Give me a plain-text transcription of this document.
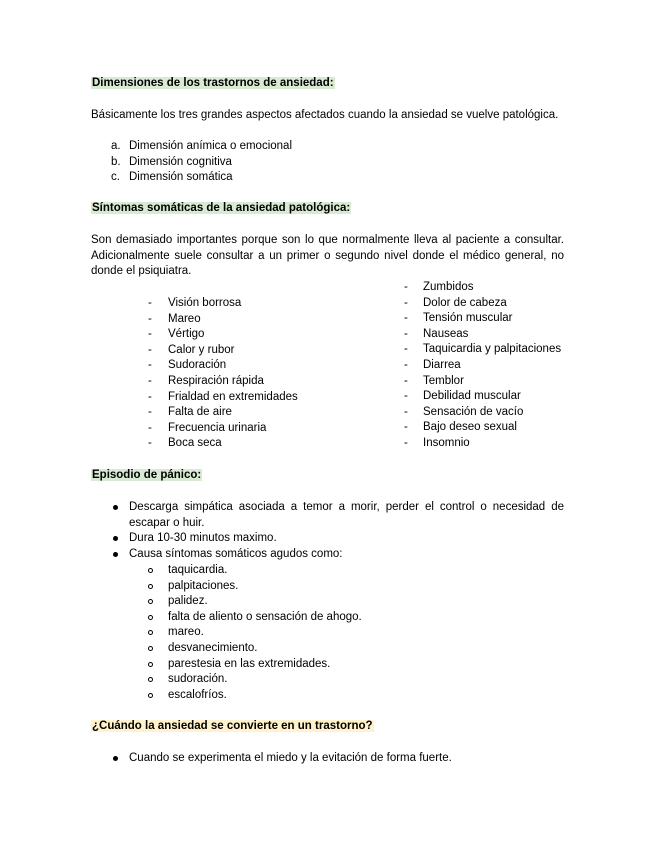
Dimensiones de los trastornos de ansiedad:
Básicamente los tres grandes aspectos afectados cuando la ansiedad se vuelve patológica.
a. Dimensión anímica o emocional
b. Dimensión cognitiva
c. Dimensión somática
Síntomas somáticas de la ansiedad patológica:
Son demasiado importantes porque son lo que normalmente lleva al paciente a consultar. Adicionalmente suele consultar a un primer o segundo nivel donde el médico general, no donde el psiquiatra.
- Visión borrosa
- Mareo
- Vértigo
- Calor y rubor
- Sudoración
- Respiración rápida
- Frialdad en extremidades
- Falta de aire
- Frecuencia urinaria
- Boca seca
- Zumbidos
- Dolor de cabeza
- Tensión muscular
- Nauseas
- Taquicardia y palpitaciones
- Diarrea
- Temblor
- Debilidad muscular
- Sensación de vacío
- Bajo deseo sexual
- Insomnio
Episodio de pánico:
Descarga simpática asociada a temor a morir, perder el control o necesidad de escapar o huir.
Dura 10-30 minutos maximo.
Causa síntomas somáticos agudos como:
taquicardia.
palpitaciones.
palidez.
falta de aliento o sensación de ahogo.
mareo.
desvanecimiento.
parestesia en las extremidades.
sudoración.
escalofríos.
¿Cuándo la ansiedad se convierte en un trastorno?
Cuando se experimenta el miedo y la evitación de forma fuerte.
